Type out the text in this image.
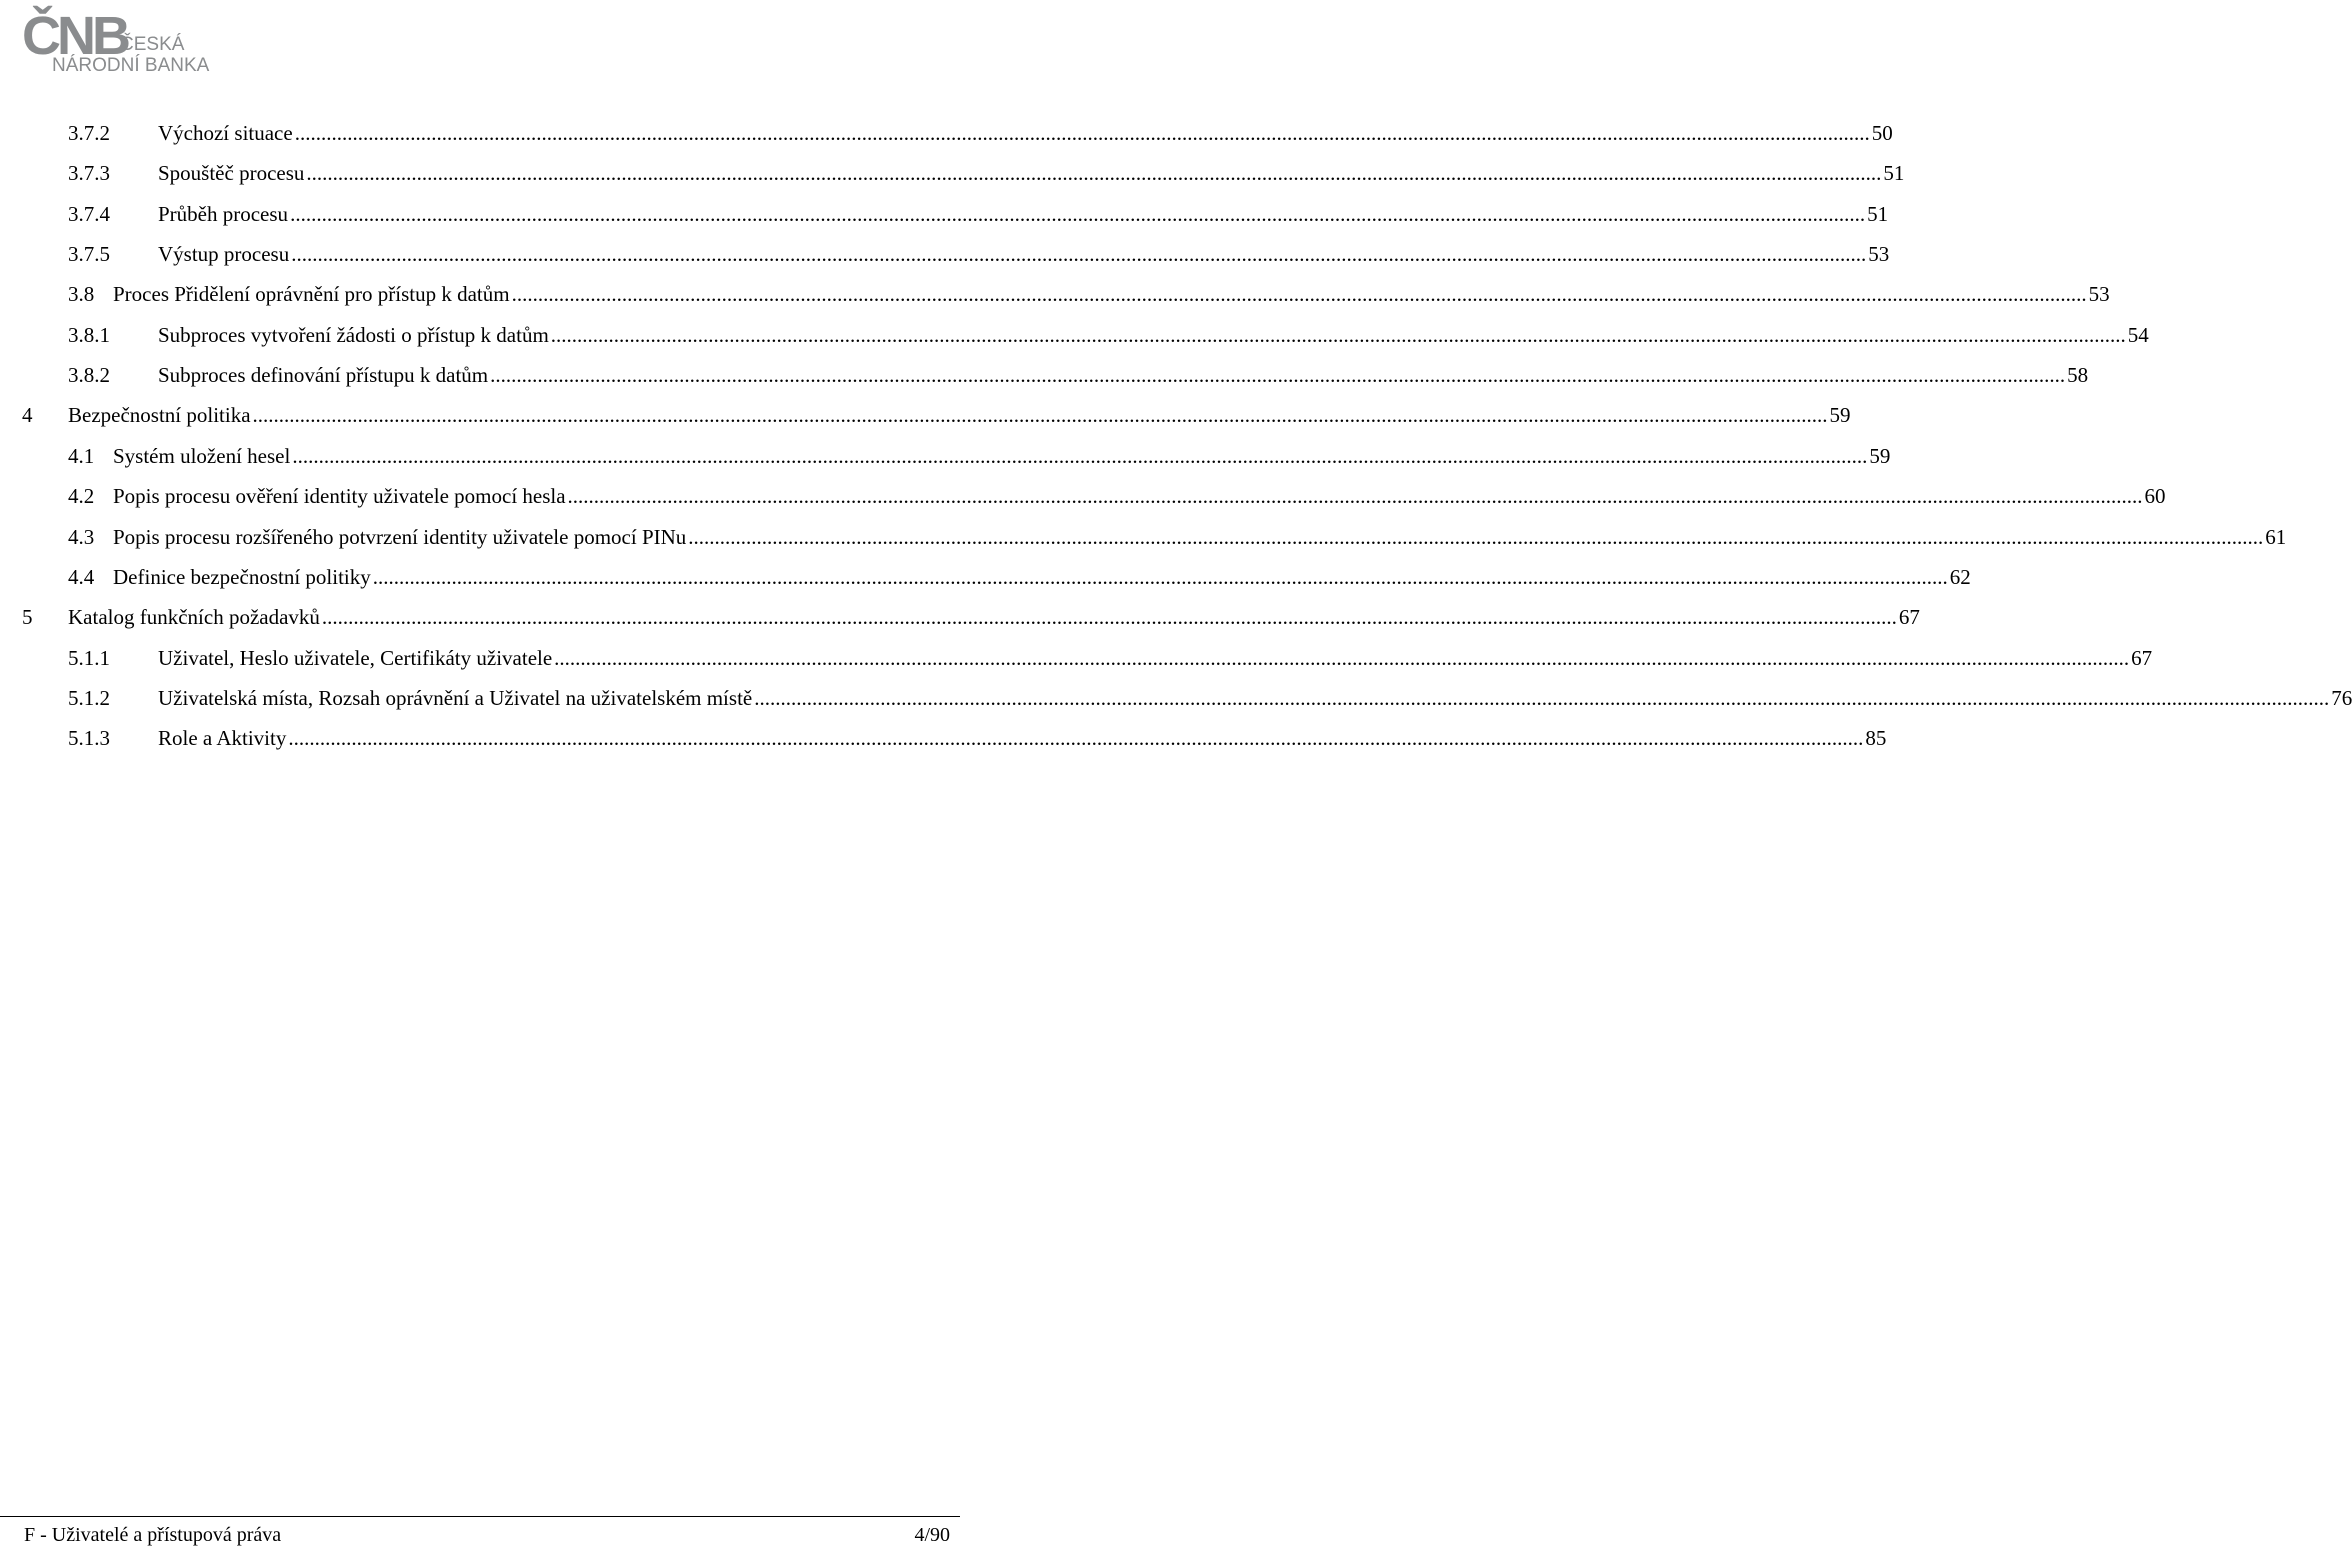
ČNB
ČESKÁ
NÁRODNÍ BANKA
3.7.2 Výchozí situace ............................................................................................................................................................................................................................................................................................................ 50
3.7.3 Spouštěč procesu ............................................................................................................................................................................................................................................................................................................ 51
3.7.4 Průběh procesu ............................................................................................................................................................................................................................................................................................................ 51
3.7.5 Výstup procesu ............................................................................................................................................................................................................................................................................................................ 53
3.8 Proces Přidělení oprávnění pro přístup k datům ............................................................................................................................................................................................................................................................................................................ 53
3.8.1 Subproces vytvoření žádosti o přístup k datům ............................................................................................................................................................................................................................................................................................................ 54
3.8.2 Subproces definování přístupu k datům ............................................................................................................................................................................................................................................................................................................ 58
4 Bezpečnostní politika ............................................................................................................................................................................................................................................................................................................ 59
4.1 Systém uložení hesel ............................................................................................................................................................................................................................................................................................................ 59
4.2 Popis procesu ověření identity uživatele pomocí hesla ............................................................................................................................................................................................................................................................................................................ 60
4.3 Popis procesu rozšířeného potvrzení identity uživatele pomocí PINu ............................................................................................................................................................................................................................................................................................................ 61
4.4 Definice bezpečnostní politiky ............................................................................................................................................................................................................................................................................................................ 62
5 Katalog funkčních požadavků ............................................................................................................................................................................................................................................................................................................ 67
5.1.1 Uživatel, Heslo uživatele, Certifikáty uživatele ............................................................................................................................................................................................................................................................................................................ 67
5.1.2 Uživatelská místa, Rozsah oprávnění a Uživatel na uživatelském místě ............................................................................................................................................................................................................................................................................................................ 76
5.1.3 Role a Aktivity ............................................................................................................................................................................................................................................................................................................ 85
F - Uživatelé a přístupová práva	4/90
